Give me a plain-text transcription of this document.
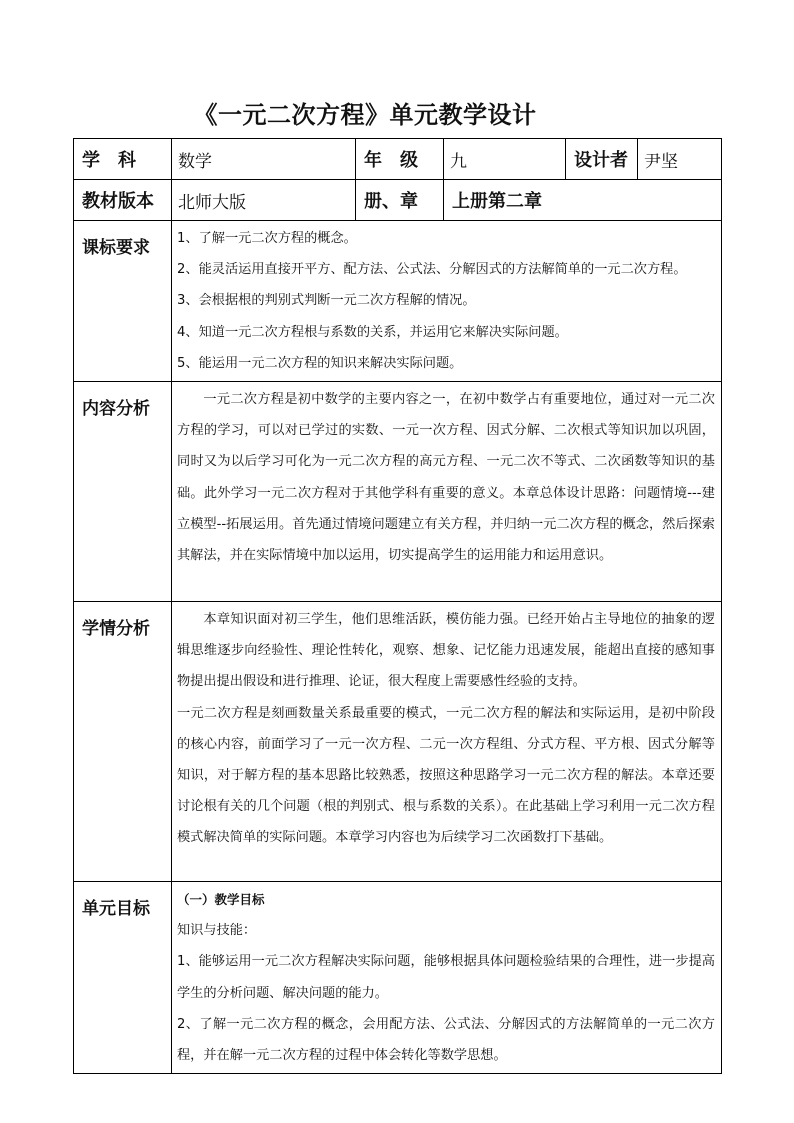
《一元二次方程》单元教学设计
学　科	数学	年　级	九	设计者	尹坚
教材版本	北师大版	册、章	上册第二章		
课标要求	1、了解一元二次方程的概念。

2、能灵活运用直接开平方、配方法、公式法、分解因式的方法解简单的一元二次方程。

3、会根据根的判别式判断一元二次方程解的情况。

4、知道一元二次方程根与系数的关系，并运用它来解决实际问题。

5、能运用一元二次方程的知识来解决实际问题。				

内容分析	一元二次方程是初中数学的主要内容之一，在初中数学占有重要地位，通过对一元二次方程的学习，可以对已学过的实数、一元一次方程、因式分解、二次根式等知识加以巩固，同时又为以后学习可化为一元二次方程的高元方程、一元二次不等式、二次函数等知识的基础。此外学习一元二次方程对于其他学科有重要的意义。本章总体设计思路：问题情境---建立模型--拓展运用。首先通过情境问题建立有关方程，并归纳一元二次方程的概念，然后探索其解法，并在实际情境中加以运用，切实提高学生的运用能力和运用意识。				

学情分析	本章知识面对初三学生，他们思维活跃，模仿能力强。已经开始占主导地位的抽象的逻辑思维逐步向经验性、理论性转化，观察、想象、记忆能力迅速发展，能超出直接的感知事物提出提出假设和进行推理、论证，很大程度上需要感性经验的支持。

一元二次方程是刻画数量关系最重要的模式，一元二次方程的解法和实际运用，是初中阶段的核心内容，前面学习了一元一次方程、二元一次方程组、分式方程、平方根、因式分解等知识，对于解方程的基本思路比较熟悉，按照这种思路学习一元二次方程的解法。本章还要讨论根有关的几个问题（根的判别式、根与系数的关系）。在此基础上学习利用一元二次方程模式解决简单的实际问题。本章学习内容也为后续学习二次函数打下基础。				

单元目标	（一）教学目标

知识与技能：

1、能够运用一元二次方程解决实际问题，能够根据具体问题检验结果的合理性，进一步提高学生的分析问题、解决问题的能力。

2、了解一元二次方程的概念，会用配方法、公式法、分解因式的方法解简单的一元二次方程，并在解一元二次方程的过程中体会转化等数学思想。				
